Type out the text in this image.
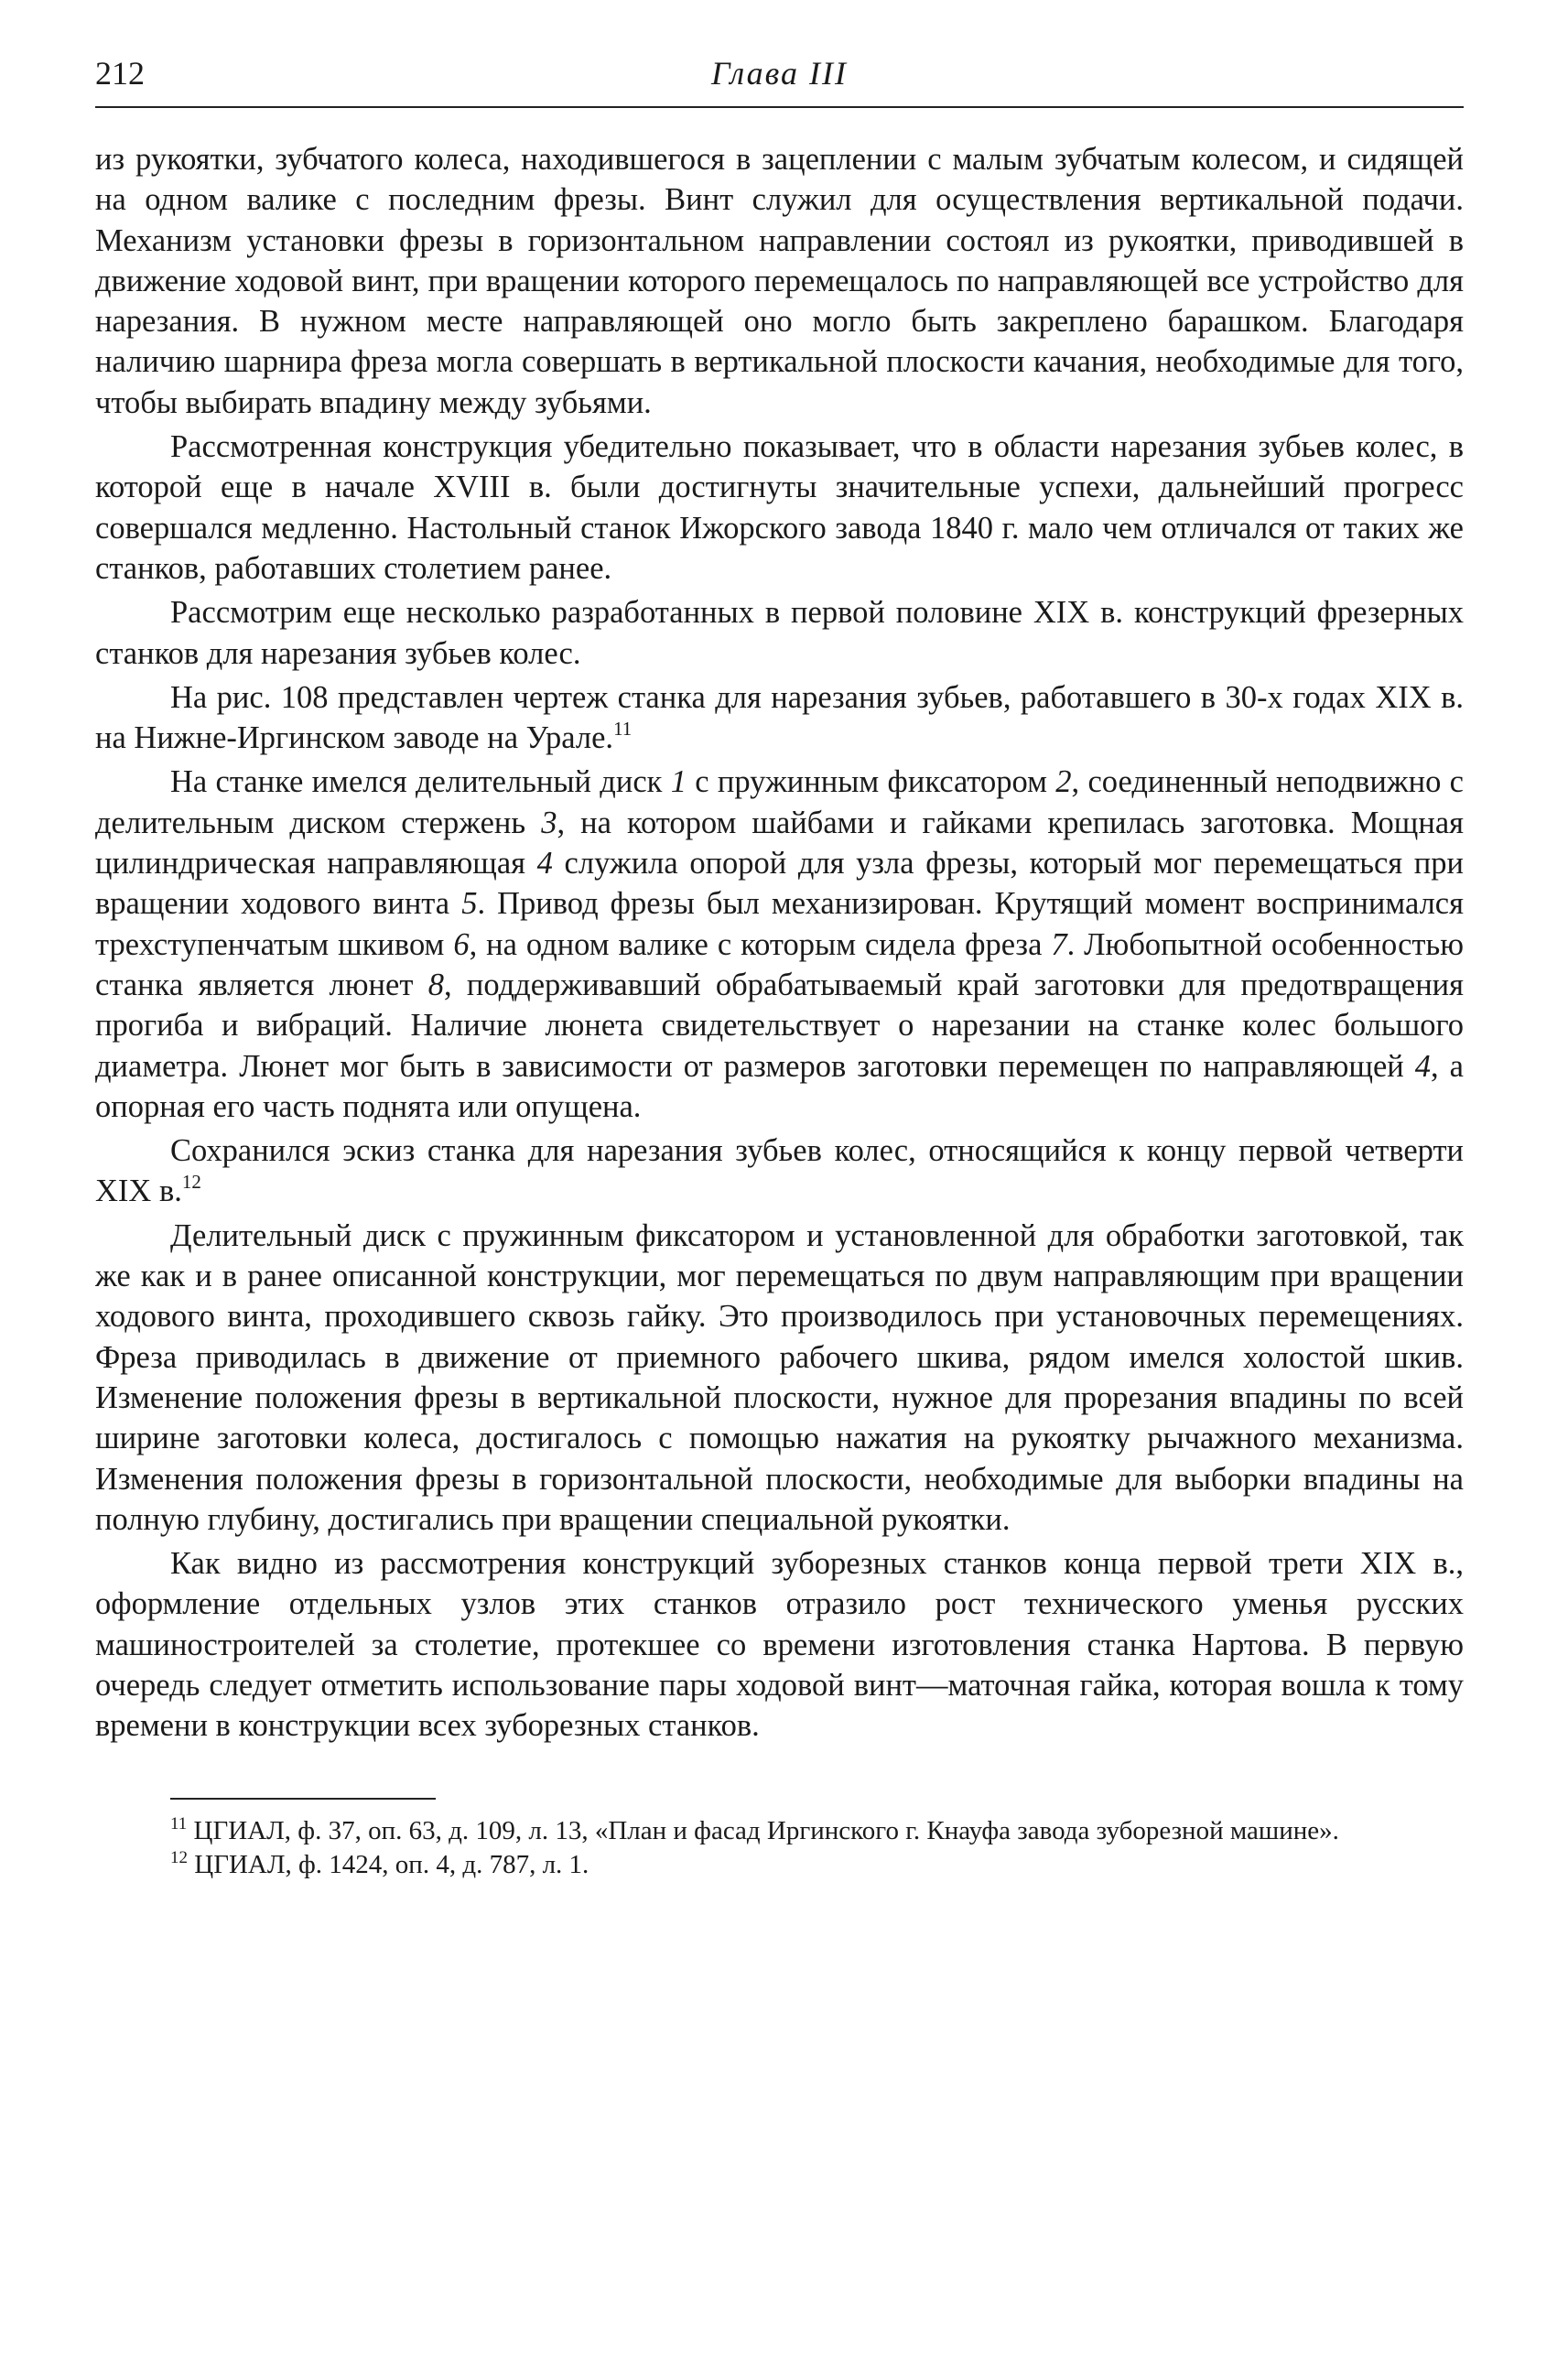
212	Глава III

из рукоятки, зубчатого колеса, находившегося в зацеплении с малым зубчатым колесом, и сидящей на одном валике с последним фрезы. Винт служил для осуществления вертикальной подачи. Механизм установки фрезы в горизонтальном направлении состоял из рукоятки, приводившей в движение ходовой винт, при вращении которого перемещалось по направляющей все устройство для нарезания. В нужном месте направляющей оно могло быть закреплено барашком. Благодаря наличию шарнира фреза могла совершать в вертикальной плоскости качания, необходимые для того, чтобы выбирать впадину между зубьями.

Рассмотренная конструкция убедительно показывает, что в области нарезания зубьев колес, в которой еще в начале XVIII в. были достигнуты значительные успехи, дальнейший прогресс совершался медленно. Настольный станок Ижорского завода 1840 г. мало чем отличался от таких же станков, работавших столетием ранее.

Рассмотрим еще несколько разработанных в первой половине XIX в. конструкций фрезерных станков для нарезания зубьев колес.

На рис. 108 представлен чертеж станка для нарезания зубьев, работавшего в 30-х годах XIX в. на Нижне-Иргинском заводе на Урале.$^{11}$

На станке имелся делительный диск 1 с пружинным фиксатором 2, соединенный неподвижно с делительным диском стержень 3, на котором шайбами и гайками крепилась заготовка. Мощная цилиндрическая направляющая 4 служила опорой для узла фрезы, который мог перемещаться при вращении ходового винта 5. Привод фрезы был механизирован. Крутящий момент воспринимался трехступенчатым шкивом 6, на одном валике с которым сидела фреза 7. Любопытной особенностью станка является люнет 8, поддерживавший обрабатываемый край заготовки для предотвращения прогиба и вибраций. Наличие люнета свидетельствует о нарезании на станке колес большого диаметра. Люнет мог быть в зависимости от размеров заготовки перемещен по направляющей 4, а опорная его часть поднята или опущена.

Сохранился эскиз станка для нарезания зубьев колес, относящийся к концу первой четверти XIX в.$^{12}$

Делительный диск с пружинным фиксатором и установленной для обработки заготовкой, так же как и в ранее описанной конструкции, мог перемещаться по двум направляющим при вращении ходового винта, проходившего сквозь гайку. Это производилось при установочных перемещениях. Фреза приводилась в движение от приемного рабочего шкива, рядом имелся холостой шкив. Изменение положения фрезы в вертикальной плоскости, нужное для прорезания впадины по всей ширине заготовки колеса, достигалось с помощью нажатия на рукоятку рычажного механизма. Изменения положения фрезы в горизонтальной плоскости, необходимые для выборки впадины на полную глубину, достигались при вращении специальной рукоятки.

Как видно из рассмотрения конструкций зуборезных станков конца первой трети XIX в., оформление отдельных узлов этих станков отразило рост технического уменья русских машиностроителей за столетие, протекшее со времени изготовления станка Нартова. В первую очередь следует отметить использование пары ходовой винт—маточная гайка, которая вошла к тому времени в конструкции всех зуборезных станков.

$^{11}$ ЦГИАЛ, ф. 37, оп. 63, д. 109, л. 13, «План и фасад Иргинского г. Кнауфа завода зуборезной машине».

$^{12}$ ЦГИАЛ, ф. 1424, оп. 4, д. 787, л. 1.
